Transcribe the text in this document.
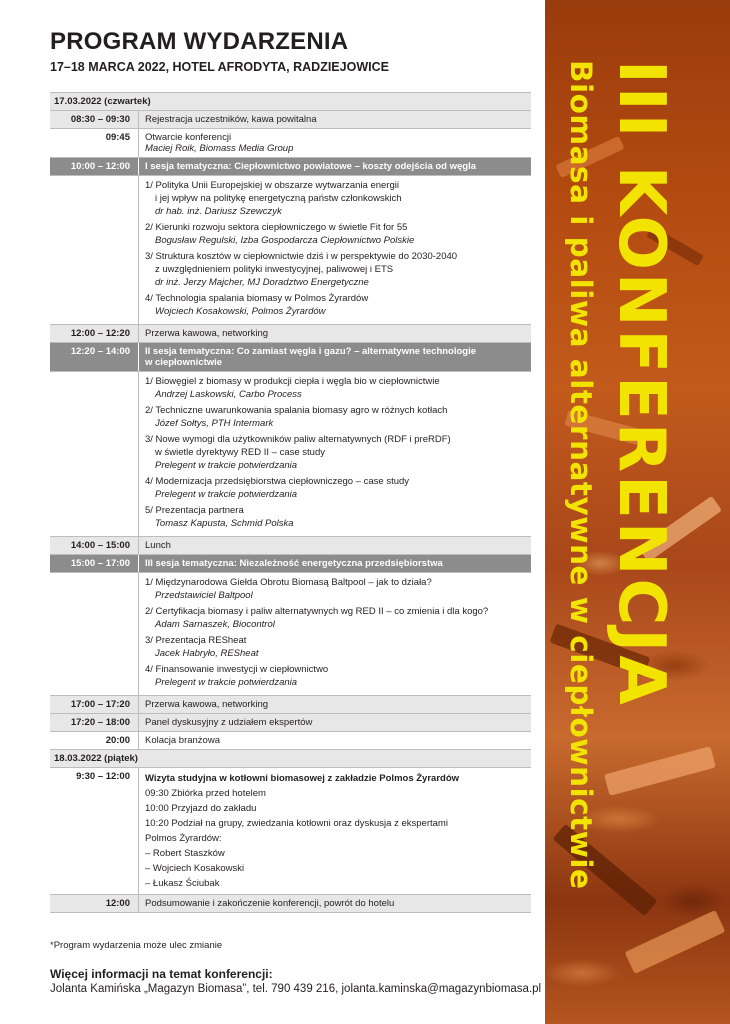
PROGRAM WYDARZENIA
17–18 MARCA 2022, HOTEL AFRODYTA, RADZIEJOWICE
17.03.2022 (czwartek)
08:30 – 09:30	Rejestracja uczestników, kawa powitalna
09:45	Otwarcie konferencji
Maciej Roik, Biomass Media Group
10:00 – 12:00	I sesja tematyczna: Ciepłownictwo powiatowe – koszty odejścia od węgla
1/ Polityka Unii Europejskiej w obszarze wytwarzania energii
i jej wpływ na politykę energetyczną państw członkowskich
dr hab. inż. Dariusz Szewczyk
2/ Kierunki rozwoju sektora ciepłowniczego w świetle Fit for 55
Bogusław Regulski, Izba Gospodarcza Ciepłownictwo Polskie
3/ Struktura kosztów w ciepłownictwie dziś i w perspektywie do 2030-2040
z uwzględnieniem polityki inwestycyjnej, paliwowej i ETS
dr inż. Jerzy Majcher, MJ Doradztwo Energetyczne
4/ Technologia spalania biomasy w Polmos Żyrardów
Wojciech Kosakowski, Polmos Żyrardów
12:00 – 12:20	Przerwa kawowa, networking
12:20 – 14:00	II sesja tematyczna: Co zamiast węgla i gazu? – alternatywne technologie
w ciepłownictwie
1/ Biowęgiel z biomasy w produkcji ciepła i węgla bio w ciepłownictwie
Andrzej Laskowski, Carbo Process
2/ Techniczne uwarunkowania spalania biomasy agro w różnych kotłach
Józef Sołtys, PTH Intermark
3/ Nowe wymogi dla użytkowników paliw alternatywnych (RDF i preRDF)
w świetle dyrektywy RED II – case study
Prelegent w trakcie potwierdzania
4/ Modernizacja przedsiębiorstwa ciepłowniczego – case study
Prelegent w trakcie potwierdzania
5/ Prezentacja partnera
Tomasz Kapusta, Schmid Polska
14:00 – 15:00	Lunch
15:00 – 17:00	III sesja tematyczna: Niezależność energetyczna przedsiębiorstwa
1/ Międzynarodowa Giełda Obrotu Biomasą Baltpool – jak to działa?
Przedstawiciel Baltpool
2/ Certyfikacja biomasy i paliw alternatywnych wg RED II – co zmienia i dla kogo?
Adam Sarnaszek, Biocontrol
3/ Prezentacja RESheat
Jacek Habryło, RESheat
4/ Finansowanie inwestycji w ciepłownictwo
Prelegent w trakcie potwierdzania
17:00 – 17:20	Przerwa kawowa, networking
17:20 – 18:00	Panel dyskusyjny z udziałem ekspertów
20:00	Kolacja branżowa
18.03.2022 (piątek)
9:30 – 12:00	Wizyta studyjna w kotłowni biomasowej z zakładzie Polmos Żyrardów
09:30 Zbiórka przed hotelem
10:00 Przyjazd do zakładu
10:20 Podział na grupy, zwiedzania kotłowni oraz dyskusja z ekspertami
Polmos Żyrardów:
– Robert Staszków
– Wojciech Kosakowski
– Łukasz Ściubak
12:00	Podsumowanie i zakończenie konferencji, powrót do hotelu
*Program wydarzenia może ulec zmianie
Więcej informacji na temat konferencji:
Jolanta Kamińska „Magazyn Biomasa”, tel. 790 439 216, jolanta.kaminska@magazynbiomasa.pl
III KONFERENCJA
Biomasa i paliwa alternatywne w ciepłownictwie
